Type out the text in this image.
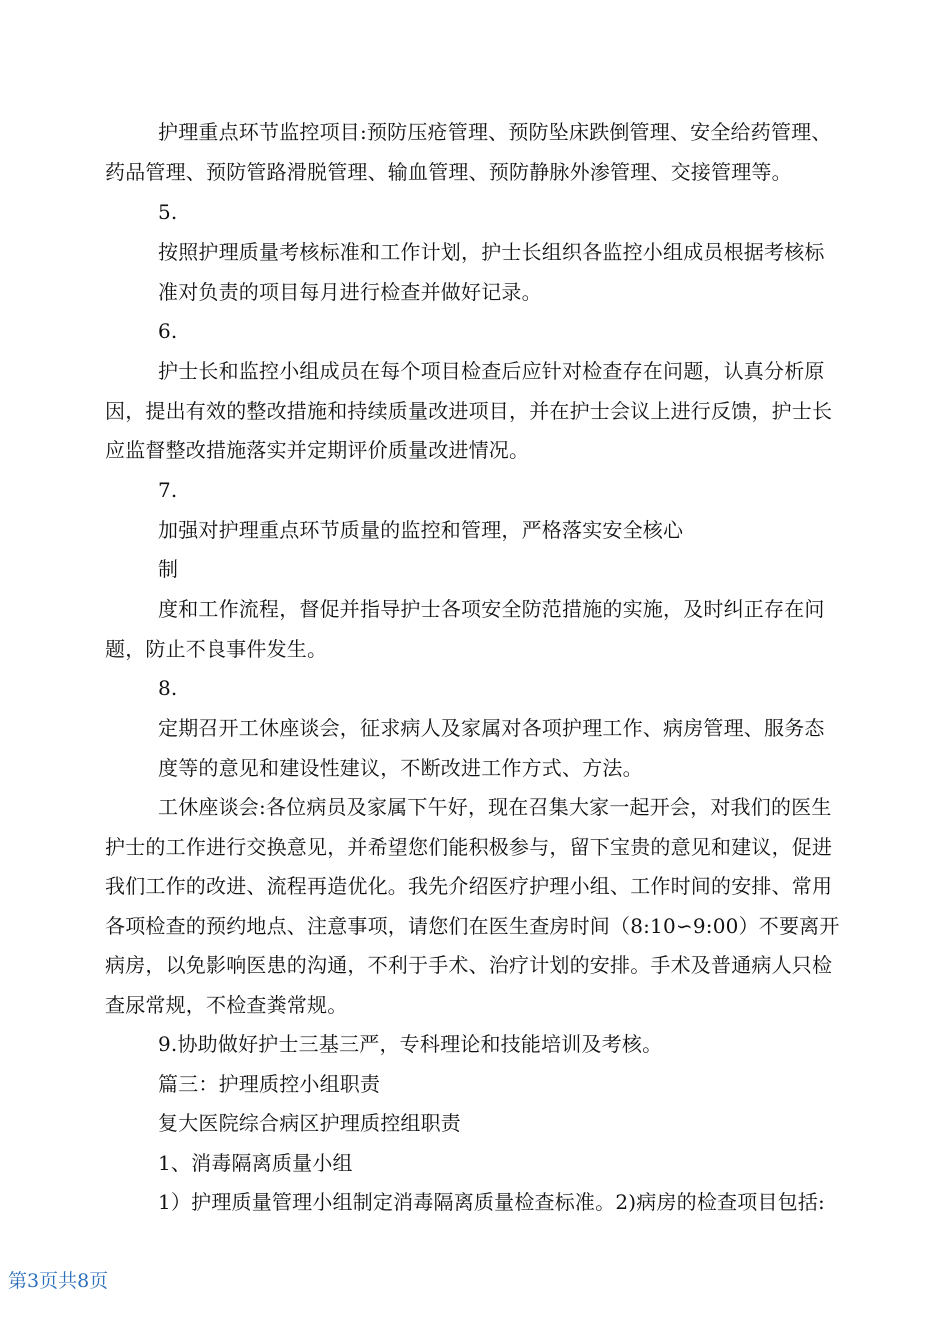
护理重点环节监控项目:预防压疮管理、预防坠床跌倒管理、安全给药管理、
药品管理、预防管路滑脱管理、输血管理、预防静脉外渗管理、交接管理等。
5.
按照护理质量考核标准和工作计划，护士长组织各监控小组成员根据考核标
准对负责的项目每月进行检查并做好记录。
6.
护士长和监控小组成员在每个项目检查后应针对检查存在问题，认真分析原
因，提出有效的整改措施和持续质量改进项目，并在护士会议上进行反馈，护士长
应监督整改措施落实并定期评价质量改进情况。
7.
加强对护理重点环节质量的监控和管理，严格落实安全核心
制
度和工作流程，督促并指导护士各项安全防范措施的实施，及时纠正存在问
题，防止不良事件发生。
8.
定期召开工休座谈会，征求病人及家属对各项护理工作、病房管理、服务态
度等的意见和建设性建议，不断改进工作方式、方法。
工休座谈会:各位病员及家属下午好，现在召集大家一起开会，对我们的医生
护士的工作进行交换意见，并希望您们能积极参与，留下宝贵的意见和建议，促进
我们工作的改进、流程再造优化。我先介绍医疗护理小组、工作时间的安排、常用
各项检查的预约地点、注意事项，请您们在医生查房时间（8:10∽9:00）不要离开
病房，以免影响医患的沟通，不利于手术、治疗计划的安排。手术及普通病人只检
查尿常规，不检查粪常规。
9.协助做好护士三基三严，专科理论和技能培训及考核。
篇三：护理质控小组职责
复大医院综合病区护理质控组职责
1、消毒隔离质量小组
1）护理质量管理小组制定消毒隔离质量检查标准。2)病房的检查项目包括:
第3页共8页
